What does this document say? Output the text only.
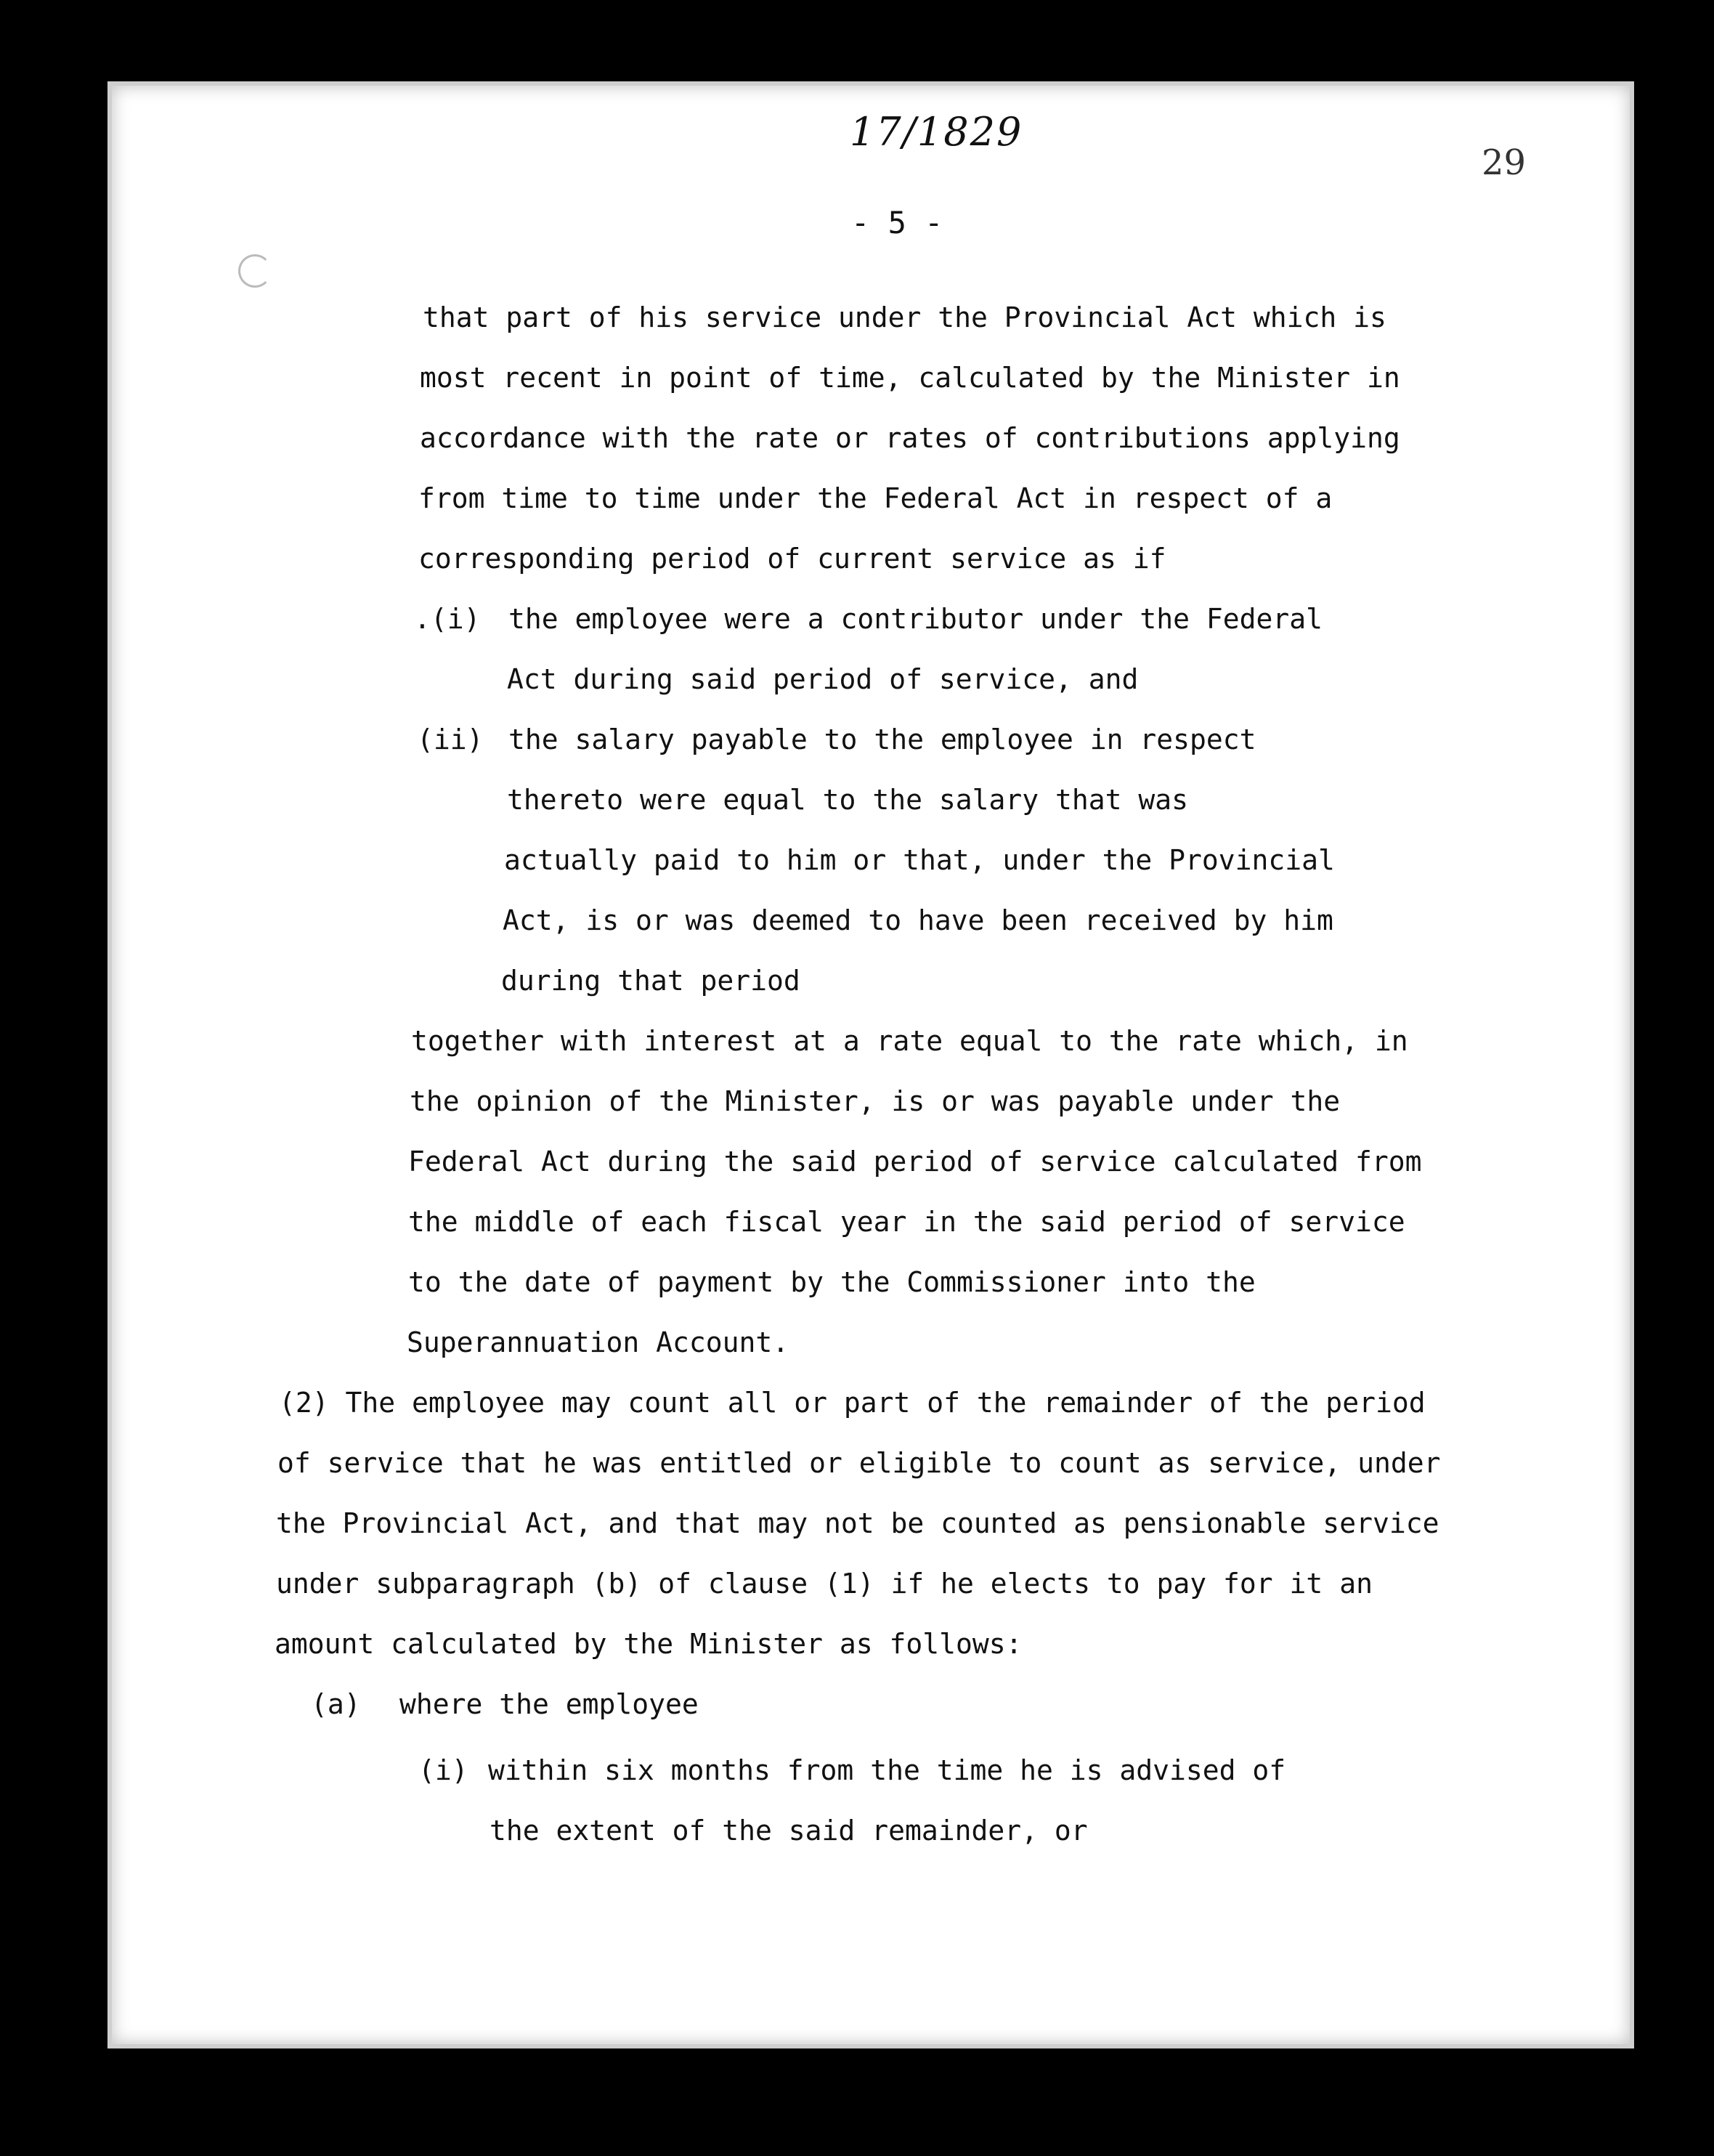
17/1829
29
- 5 -
that part of his service under the Provincial Act which is
most recent in point of time, calculated by the Minister in
accordance with the rate or rates of contributions applying
from time to time under the Federal Act in respect of a
corresponding period of current service as if
.(i) the employee were a contributor under the Federal
Act during said period of service, and
(ii) the salary payable to the employee in respect
thereto were equal to the salary that was
actually paid to him or that, under the Provincial
Act, is or was deemed to have been received by him
during that period
together with interest at a rate equal to the rate which, in
the opinion of the Minister, is or was payable under the
Federal Act during the said period of service calculated from
the middle of each fiscal year in the said period of service
to the date of payment by the Commissioner into the
Superannuation Account.
(2) The employee may count all or part of the remainder of the period
of service that he was entitled or eligible to count as service, under
the Provincial Act, and that may not be counted as pensionable service
under subparagraph (b) of clause (1) if he elects to pay for it an
amount calculated by the Minister as follows:
(a) where the employee
(i) within six months from the time he is advised of
the extent of the said remainder, or
